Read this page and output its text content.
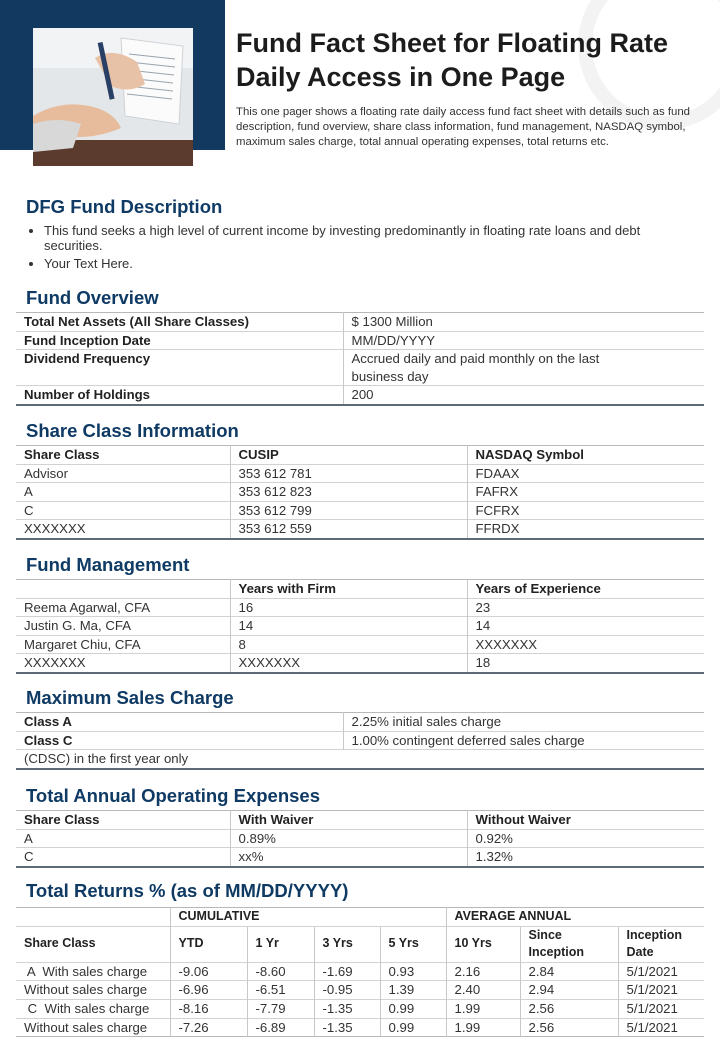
Fund Fact Sheet for Floating Rate Daily Access in One Page

This one pager shows a floating rate daily access fund fact sheet with details such as fund description, fund overview, share class information, fund management, NASDAQ symbol, maximum sales charge, total annual operating expenses, total returns etc.

DFG Fund Description
• This fund seeks a high level of current income by investing predominantly in floating rate loans and debt securities.
• Your Text Here.
Fund Overview
Total Net Assets (All Share Classes)	$ 1300 Million
Fund Inception Date	MM/DD/YYYY
Dividend Frequency	Accrued daily and paid monthly on the last business day
Number of Holdings	200
Share Class Information
Share Class	CUSIP	NASDAQ Symbol
Advisor	353 612 781	FDAAX
A	353 612 823	FAFRX
C	353 612 799	FCFRX
XXXXXXX	353 612 559	FFRDX
Fund Management
	Years with Firm	Years of Experience
Reema Agarwal, CFA	16	23
Justin G. Ma, CFA	14	14
Margaret Chiu, CFA	8	XXXXXXX
XXXXXXX	XXXXXXX	18
Maximum Sales Charge
Class A	2.25% initial sales charge
Class C	1.00% contingent deferred sales charge
(CDSC) in the first year only	
Total Annual Operating Expenses
Share Class	With Waiver	Without Waiver
A	0.89%	0.92%
C	xx%	1.32%
Total Returns % (as of MM/DD/YYYY)
	CUMULATIVE				AVERAGE ANNUAL		
Share Class	YTD	1 Yr	3 Yrs	5 Yrs	10 Yrs	Since Inception	Inception Date
A  With sales charge	-9.06	-8.60	-1.69	0.93	2.16	2.84	5/1/2021
Without sales charge	-6.96	-6.51	-0.95	1.39	2.40	2.94	5/1/2021
C  With sales charge	-8.16	-7.79	-1.35	0.99	1.99	2.56	5/1/2021
Without sales charge	-7.26	-6.89	-1.35	0.99	1.99	2.56	5/1/2021
